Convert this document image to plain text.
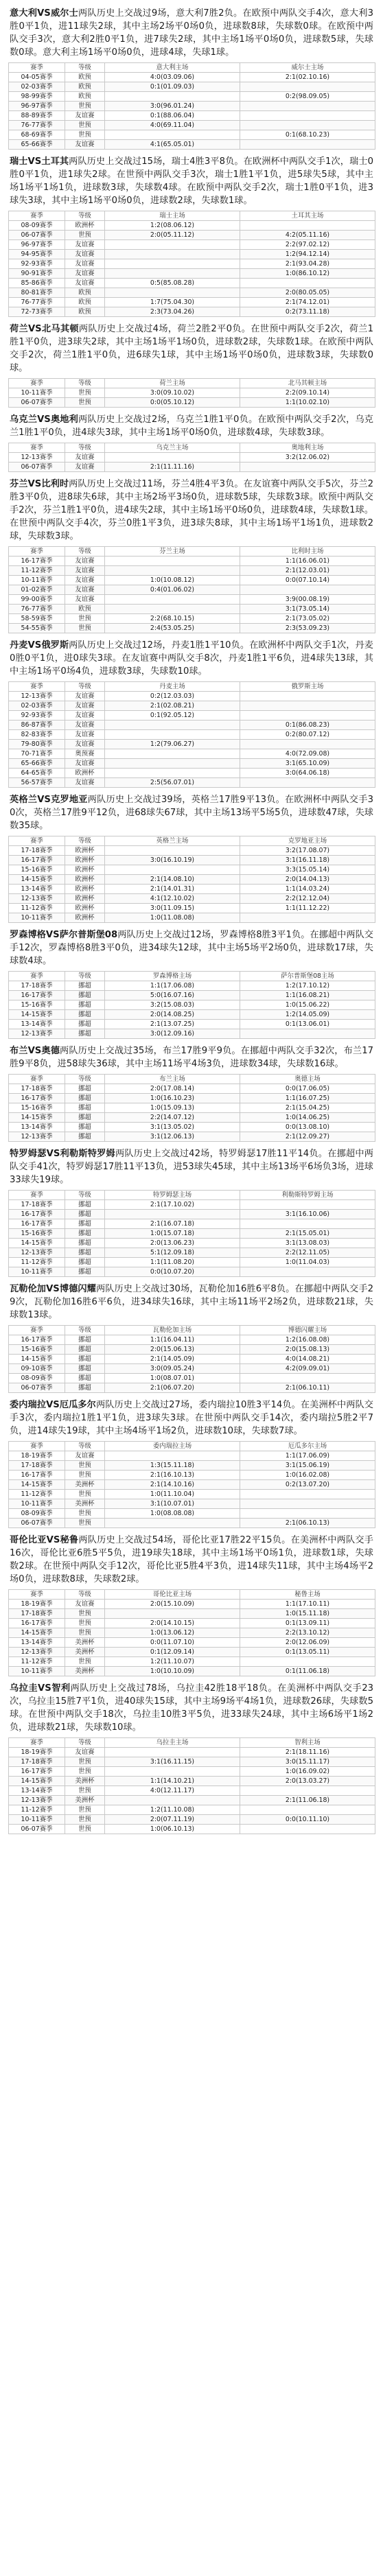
意大利VS威尔士两队历史上交战过9场，意大利7胜2负。在欧预中两队交手4次，意大利3胜0平1负，进11球失2球，其中主场2场平0场0负，进球数8球，失球数0球。在欧预中两队交手3次，意大利2胜0平1负，进7球失2球，其中主场1场平0场0负，进球数5球，失球数0球。意大利主场1场平0场0负，进球4球，失球1球。

赛季	等级	意大利主场	威尔士主场
04-05赛季	欧预	4:0(03.09.06)	2:1(02.10.16)
02-03赛季	欧预	0:1(01.09.03)	
98-99赛季	欧预		0:2(98.09.05)
96-97赛季	世预	3:0(96.01.24)	
88-89赛季	友谊赛	0:1(88.06.04)	
76-77赛季	世预	4:0(69.11.04)	
68-69赛季	世预		0:1(68.10.23)
65-66赛季	友谊赛	4:1(65.05.01)	

瑞士VS土耳其两队历史上交战过15场，瑞士4胜3平8负。在欧洲杯中两队交手1次，瑞士0胜0平1负，进1球失2球。在世预中两队交手3次，瑞士1胜1平1负，进5球失5球，其中主场1场平1场1负，进球数3球，失球数4球。在欧预中两队交手2次，瑞士1胜0平1负，进3球失3球，其中主场1场平0场0负，进球数2球，失球数1球。

赛季	等级	瑞士主场	土耳其主场
08-09赛季	欧洲杯	1:2(08.06.12)	
06-07赛季	世预	2:0(05.11.12)	4:2(05.11.16)
96-97赛季	友谊赛		2:2(97.02.12)
94-95赛季	友谊赛		1:2(94.12.14)
92-93赛季	友谊赛		2:1(93.04.28)
90-91赛季	友谊赛		1:0(86.10.12)
85-86赛季	友谊赛	0:5(85.08.28)	
80-81赛季	欧预		2:0(80.05.05)
76-77赛季	欧预	1:7(75.04.30)	2:1(74.12.01)
72-73赛季	欧预	2:3(73.04.26)	0:2(73.11.18)

荷兰VS北马其顿两队历史上交战过4场，荷兰2胜2平0负。在世预中两队交手2次，荷兰1胜1平0负，进3球失2球，其中主场1场平1场0负，进球数2球，失球数1球。在欧预中两队交手2次，荷兰1胜1平0负，进6球失1球，其中主场1场平0场0负，进球数3球，失球数0球。

赛季	等级	荷兰主场	北马其顿主场
10-11赛季	世预	3:0(09.10.02)	2:2(09.10.14)
06-07赛季	世预	0:0(05.10.12)	1:1(10.02.10)

乌克兰VS奥地利两队历史上交战过2场，乌克兰1胜1平0负。在欧预中两队交手2次，乌克兰1胜1平0负，进4球失3球，其中主场1场平0场0负，进球数4球，失球数3球。

赛季	等级	乌克兰主场	奥地利主场
12-13赛季	友谊赛		3:2(12.06.02)
06-07赛季	友谊赛	2:1(11.11.16)	

芬兰VS比利时两队历史上交战过11场，芬兰4胜4平3负。在友谊赛中两队交手5次，芬兰2胜3平0负，进8球失6球，其中主场2场平3场0负，进球数5球，失球数3球。欧预中两队交手2次，芬兰1胜1平0负，进4球失2球，其中主场1场平0场0负，进球数4球，失球数1球。在世预中两队交手4次，芬兰0胜1平3负，进3球失8球，其中主场1场平1场1负，进球数2球，失球数3球。

赛季	等级	芬兰主场	比利时主场
16-17赛季	友谊赛		1:1(16.06.01)
11-12赛季	友谊赛		2:1(12.03.01)
10-11赛季	友谊赛	1:0(10.08.12)	0:0(07.10.14)
01-02赛季	友谊赛	0:4(01.06.02)	
99-00赛季	友谊赛		3:9(00.08.19)
76-77赛季	欧预		3:1(73.05.14)
58-59赛季	世预	2:2(68.10.15)	2:1(73.05.02)
54-55赛季	世预	2:4(53.05.25)	2:3(53.09.23)

丹麦VS俄罗斯两队历史上交战过12场，丹麦1胜1平10负。在欧洲杯中两队交手1次，丹麦0胜0平1负，进0球失3球。在友谊赛中两队交手8次，丹麦1胜1平6负，进4球失13球，其中主场1场平0场4负，进球数3球，失球数10球。

赛季	等级	丹麦主场	俄罗斯主场
12-13赛季	友谊赛	0:2(12.03.03)	
02-03赛季	友谊赛	2:1(02.08.21)	
92-93赛季	友谊赛	0:1(92.05.12)	
86-87赛季	友谊赛		0:1(86.08.23)
82-83赛季	友谊赛		0:2(80.07.12)
79-80赛季	友谊赛	1:2(79.06.27)	
70-71赛季	奥预赛		4:0(72.09.08)
65-66赛季	友谊赛		3:1(65.10.09)
64-65赛季	欧洲杯		3:0(64.06.18)
56-57赛季	友谊赛	2:5(56.07.01)	

英格兰VS克罗地亚两队历史上交战过39场，英格兰17胜9平13负。在欧洲杯中两队交手30次，英格兰17胜9平12负，进68球失67球，其中主场13场平5场5负，进球数47球，失球数35球。

赛季	等级	英格兰主场	克罗地亚主场
17-18赛季	欧洲杯		3:2(17.08.07)
16-17赛季	欧洲杯	3:0(16.10.19)	3:1(16.11.18)
15-16赛季	欧洲杯		3:3(15.05.14)
14-15赛季	欧洲杯	2:1(14.08.10)	2:0(14.04.13)
13-14赛季	欧洲杯	2:1(14.01.31)	1:1(14.03.24)
12-13赛季	欧洲杯	4:1(12.10.02)	2:2(12.12.04)
11-12赛季	欧洲杯	3:0(11.09.15)	1:1(11.12.22)
10-11赛季	欧洲杯	1:0(11.08.08)	

罗森博格VS萨尔普斯堡08两队历史上交战过12场，罗森博格8胜3平1负。在挪超中两队交手12次，罗森博格8胜3平0负，进34球失12球，其中主场5场平2场0负，进球数17球，失球数4球。

赛季	等级	罗森博格主场	萨尔普斯堡08主场
17-18赛季	挪超	1:1(17.06.08)	1:2(17.10.12)
16-17赛季	挪超	5:0(16.07.16)	1:1(16.08.21)
15-16赛季	挪超	3:2(15.08.03)	1:0(15.06.22)
14-15赛季	挪超	2:0(14.08.25)	1:2(14.05.09)
13-14赛季	挪超	2:1(13.07.25)	0:1(13.06.01)
12-13赛季	挪超	3:0(12.09.16)	

布兰VS奥德两队历史上交战过35场，布兰17胜9平9负。在挪超中两队交手32次，布兰17胜9平8负，进58球失36球，其中主场11场平4场3负，进球数34球，失球数16球。

赛季	等级	布兰主场	奥德主场
17-18赛季	挪超	2:0(17.08.14)	0:0(17.06.05)
16-17赛季	挪超	1:0(16.10.23)	1:1(16.07.25)
15-16赛季	挪超	1:0(15.09.13)	2:1(15.04.25)
14-15赛季	挪超	2:2(14.07.12)	1:0(14.06.25)
13-14赛季	挪超	3:1(13.05.02)	0:0(13.08.10)
12-13赛季	挪超	3:1(12.06.13)	2:1(12.09.27)

特罗姆瑟VS利勒斯特罗姆两队历史上交战过42场，特罗姆瑟17胜11平14负。在挪超中两队交手41次，特罗姆瑟17胜11平13负，进53球失45球，其中主场13场平6场负3场，进球33球失19球。

赛季	等级	特罗姆瑟主场	利勒斯特罗姆主场
17-18赛季	挪超	2:1(17.10.02)	
16-17赛季	挪超		3:1(16.10.06)
16-17赛季	挪超	2:1(16.07.18)	
15-16赛季	挪超	1:0(15.07.18)	2:1(15.05.01)
14-15赛季	挪超	2:0(13.06.23)	3:1(13.08.03)
12-13赛季	挪超	5:1(12.09.18)	2:2(12.11.05)
11-12赛季	挪超	1:1(11.08.20)	1:0(11.04.03)
10-11赛季	挪超	0:0(10.07.20)	

瓦勒伦加VS博德闪耀两队历史上交战过30场，瓦勒伦加16胜6平8负。在挪超中两队交手29次，瓦勒伦加16胜6平6负，进34球失16球，其中主场11场平2场2负，进球数21球，失球数13球。

赛季	等级	瓦勒伦加主场	博德闪耀主场
16-17赛季	挪超	1:1(16.04.11)	1:2(16.08.08)
15-16赛季	挪超	2:0(15.06.13)	2:0(15.08.13)
14-15赛季	挪超	2:1(14.05.09)	4:0(14.08.21)
09-10赛季	挪超	3:0(09.05.24)	4:2(09.09.01)
08-09赛季	挪超	1:0(08.07.01)	
06-07赛季	挪超	2:1(06.07.20)	2:1(06.10.11)

委内瑞拉VS厄瓜多尔两队历史上交战过27场，委内瑞拉10胜3平14负。在美洲杯中两队交手3次，委内瑞拉1胜1平1负，进3球失3球。在世预中两队交手14次，委内瑞拉5胜2平7负，进14球失19球，其中主场4场平1场2负，进球数10球，失球数7球。

赛季	等级	委内瑞拉主场	厄瓜多尔主场
18-19赛季	友谊赛		1:1(17.06.09)
17-18赛季	世预	1:3(15.11.18)	3:1(15.06.19)
16-17赛季	世预	2:1(16.10.13)	1:0(16.02.08)
14-15赛季	美洲杯	2:1(14.10.16)	0:2(13.07.20)
11-12赛季	世预	1:0(11.10.04)	
10-11赛季	美洲杯	3:1(10.07.01)	
08-09赛季	世预	1:0(08.08.08)	
06-07赛季	世预		2:1(06.10.13)

哥伦比亚VS秘鲁两队历史上交战过54场，哥伦比亚17胜22平15负。在美洲杯中两队交手16次，哥伦比亚6胜5平5负，进19球失18球，其中主场1场平0场1负，进球数1球，失球数2球。在世预中两队交手12次，哥伦比亚5胜4平3负，进14球失11球，其中主场4场平2场0负，进球数8球，失球数2球。

赛季	等级	哥伦比亚主场	秘鲁主场
18-19赛季	友谊赛	2:0(15.10.09)	1:1(17.10.11)
17-18赛季	世预		1:0(15.11.18)
16-17赛季	世预	2:0(14.10.15)	0:1(13.09.11)
14-15赛季	世预	1:0(13.06.12)	2:2(13.10.12)
13-14赛季	美洲杯	0:0(11.07.10)	2:0(12.06.09)
12-13赛季	美洲杯	0:1(12.09.14)	0:1(13.05.11)
11-12赛季	世预	1:2(11.10.07)	
10-11赛季	美洲杯	1:0(10.10.09)	0:1(11.06.18)

乌拉圭VS智利两队历史上交战过78场，乌拉圭42胜18平18负。在美洲杯中两队交手23次，乌拉圭15胜7平1负，进40球失15球，其中主场9场平4场1负，进球数26球，失球数5球。在世预中两队交手18次，乌拉圭10胜3平5负，进33球失24球，其中主场6场平1场2负，进球数21球，失球数10球。

赛季	等级	乌拉圭主场	智利主场
18-19赛季	友谊赛		2:1(18.11.16)
17-18赛季	世预	3:1(16.11.15)	3:0(15.11.17)
16-17赛季	世预		1:0(16.09.02)
14-15赛季	美洲杯	1:1(14.10.21)	2:0(13.03.27)
13-14赛季	世预	4:0(12.11.17)	
12-13赛季	美洲杯		2:1(11.06.18)
11-12赛季	世预	1:2(11.10.08)	
10-11赛季	世预	2:0(07.11.19)	0:0(10.11.10)
06-07赛季	世预	1:0(06.10.13)	
